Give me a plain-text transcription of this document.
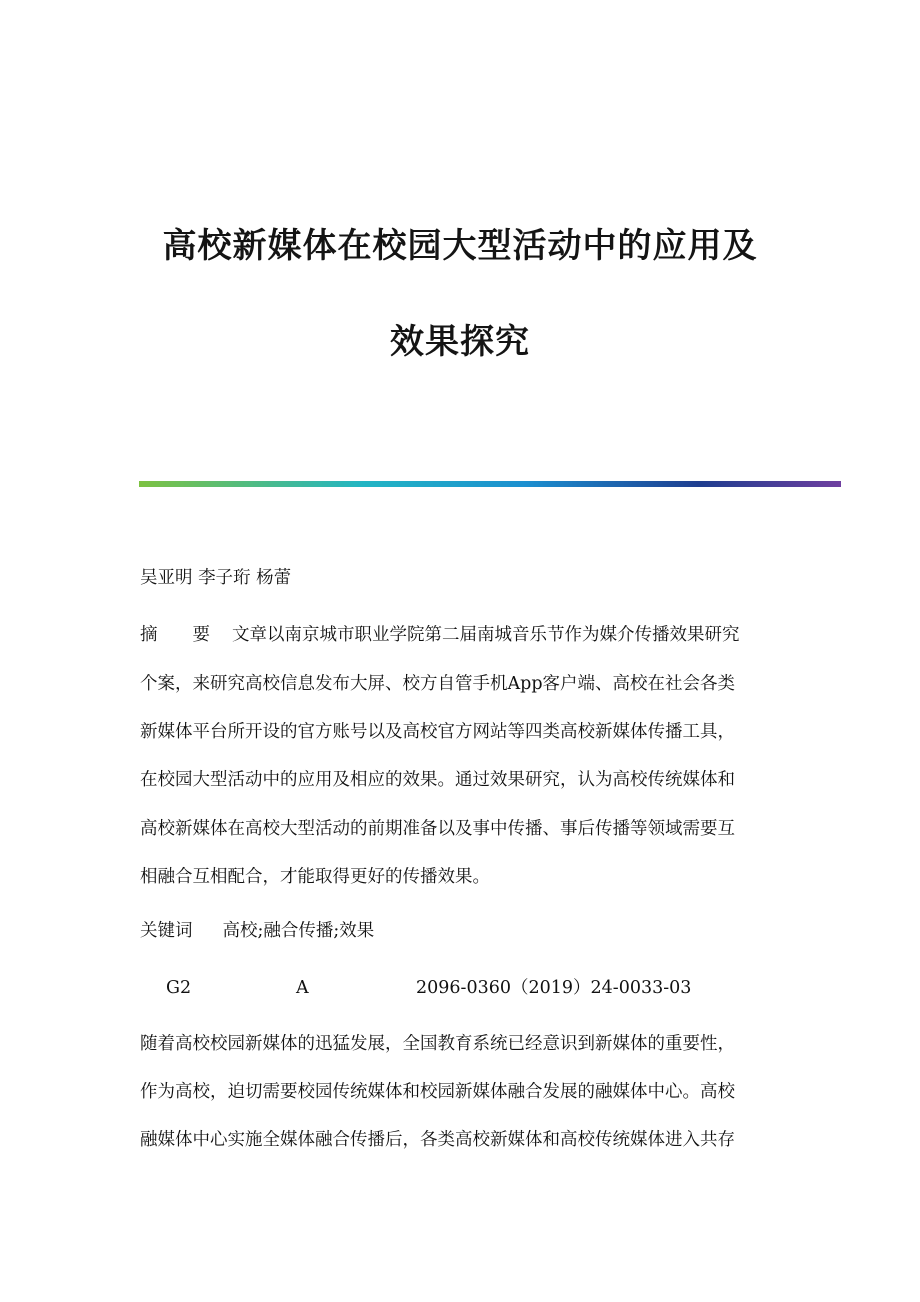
高校新媒体在校园大型活动中的应用及
效果探究
吴亚明 李子珩 杨蕾
摘　　要 文章以南京城市职业学院第二届南城音乐节作为媒介传播效果研究
个案，来研究高校信息发布大屏、校方自管手机App客户端、高校在社会各类
新媒体平台所开设的官方账号以及高校官方网站等四类高校新媒体传播工具，
在校园大型活动中的应用及相应的效果。通过效果研究，认为高校传统媒体和
高校新媒体在高校大型活动的前期准备以及事中传播、事后传播等领域需要互
相融合互相配合，才能取得更好的传播效果。
关键词 高校;融合传播;效果
G2	A	2096-0360（2019）24-0033-03
随着高校校园新媒体的迅猛发展，全国教育系统已经意识到新媒体的重要性，
作为高校，迫切需要校园传统媒体和校园新媒体融合发展的融媒体中心。高校
融媒体中心实施全媒体融合传播后，各类高校新媒体和高校传统媒体进入共存
